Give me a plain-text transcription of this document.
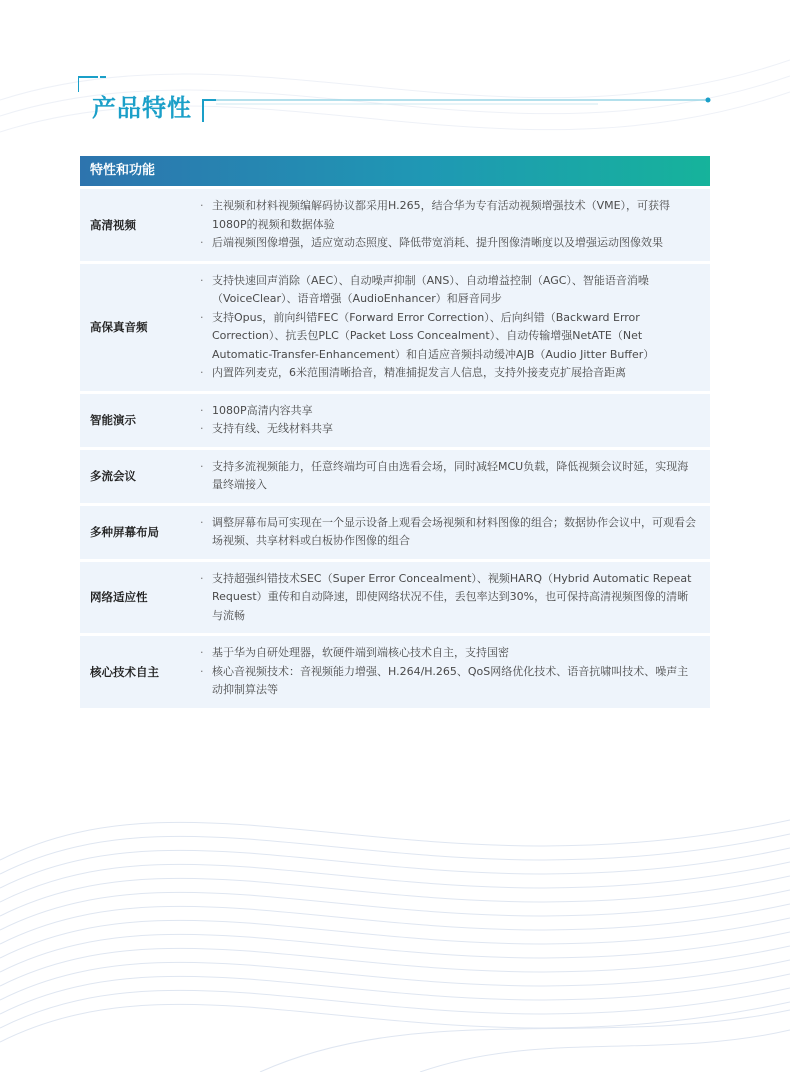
产品特性
特性和功能
高清视频
· 主视频和材料视频编解码协议都采用H.265，结合华为专有活动视频增强技术（VME），可获得1080P的视频和数据体验
· 后端视频图像增强，适应宽动态照度、降低带宽消耗、提升图像清晰度以及增强运动图像效果
高保真音频
· 支持快速回声消除（AEC）、自动噪声抑制（ANS）、自动增益控制（AGC）、智能语音消噪（VoiceClear）、语音增强（AudioEnhancer）和唇音同步
· 支持Opus，前向纠错FEC（Forward Error Correction）、后向纠错（Backward Error Correction）、抗丢包PLC（Packet Loss Concealment）、自动传输增强NetATE（Net Automatic-Transfer-Enhancement）和自适应音频抖动缓冲AJB（Audio Jitter Buffer）
· 内置阵列麦克，6米范围清晰拾音，精准捕捉发言人信息，支持外接麦克扩展拾音距离
智能演示
· 1080P高清内容共享
· 支持有线、无线材料共享
多流会议
· 支持多流视频能力，任意终端均可自由选看会场，同时减轻MCU负载，降低视频会议时延，实现海量终端接入
多种屏幕布局
· 调整屏幕布局可实现在一个显示设备上观看会场视频和材料图像的组合；数据协作会议中，可观看会场视频、共享材料或白板协作图像的组合
网络适应性
· 支持超强纠错技术SEC（Super Error Concealment）、视频HARQ（Hybrid Automatic Repeat Request）重传和自动降速，即使网络状况不佳，丢包率达到30%，也可保持高清视频图像的清晰与流畅
核心技术自主
· 基于华为自研处理器，软硬件端到端核心技术自主，支持国密
· 核心音视频技术：音视频能力增强、H.264/H.265、QoS网络优化技术、语音抗啸叫技术、噪声主动抑制算法等
